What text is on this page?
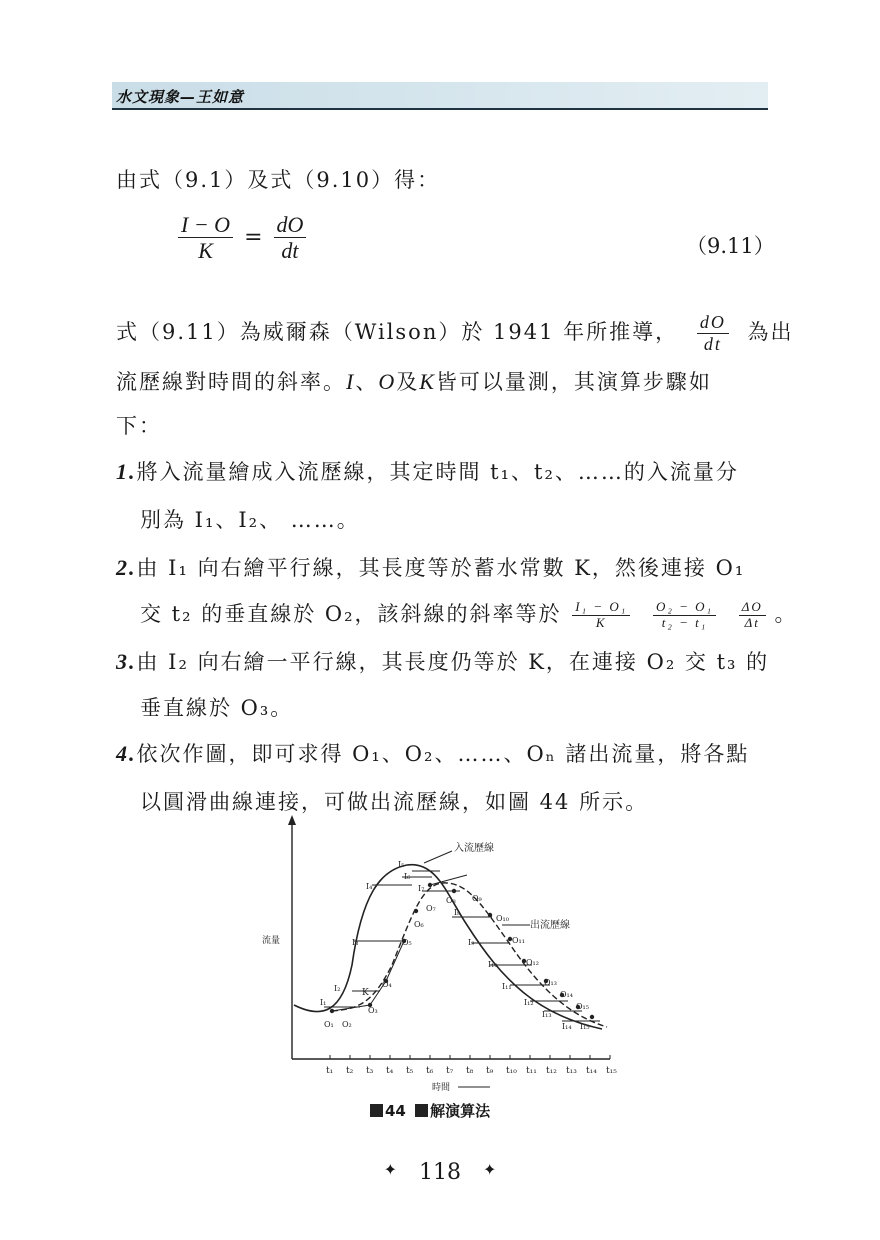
水文現象—王如意
由式（9.1）及式（9.10）得：
$\frac{I - O}{K} = \frac{dO}{dt}$	（9.11）
式（9.11）為威爾森（Wilson）於 1941 年所推導， $\frac{dO}{dt}$ 為出
流歷線對時間的斜率。I、O及K皆可以量測，其演算步驟如
下：
1.將入流量繪成入流歷線，其定時間 t₁、t₂、……的入流量分
別為 I₁、I₂、 ……。
2.由 I₁ 向右繪平行線，其長度等於蓄水常數 K，然後連接 O₁
交 t₂ 的垂直線於 O₂，該斜線的斜率等於 $\frac{\text{I₁ − O₁}}{K}$
$\frac{\text{O₂ − O₁}}{\text{t₂ − t₁}}$
$\frac{\Delta O}{\Delta t}$ 。
3.由 I₂ 向右繪一平行線，其長度仍等於 K，在連接 O₂ 交 t₃ 的
垂直線於 O₃。
4.依次作圖，即可求得 O₁、O₂、……、Oₙ 諸出流量，將各點
以圓滑曲線連接，可做出流歷線，如圖 44 所示。
t₁ t₂ t₃ t₄ t₅ t₆ t₇ t₈ t₉ t₁₀ t₁₁ t₁₂ t₁₃ t₁₄ t₁₅
入流歷線
出流歷線
流量
時間
K
I₁
I₂
I₃
I₄
I₅
I₆
I₇
I₈
I₉
I₁₀
I₁₁
I₁₂
I₁₃
I₁₄ I₁₅
O₁ O₂
O₃
O₄
O₅
O₆
O₇
O₈ O₉
O₁₀
O₁₁
O₁₂
O₁₃
O₁₄
O₁₅
44 解演算法
✦ 118 ✦
